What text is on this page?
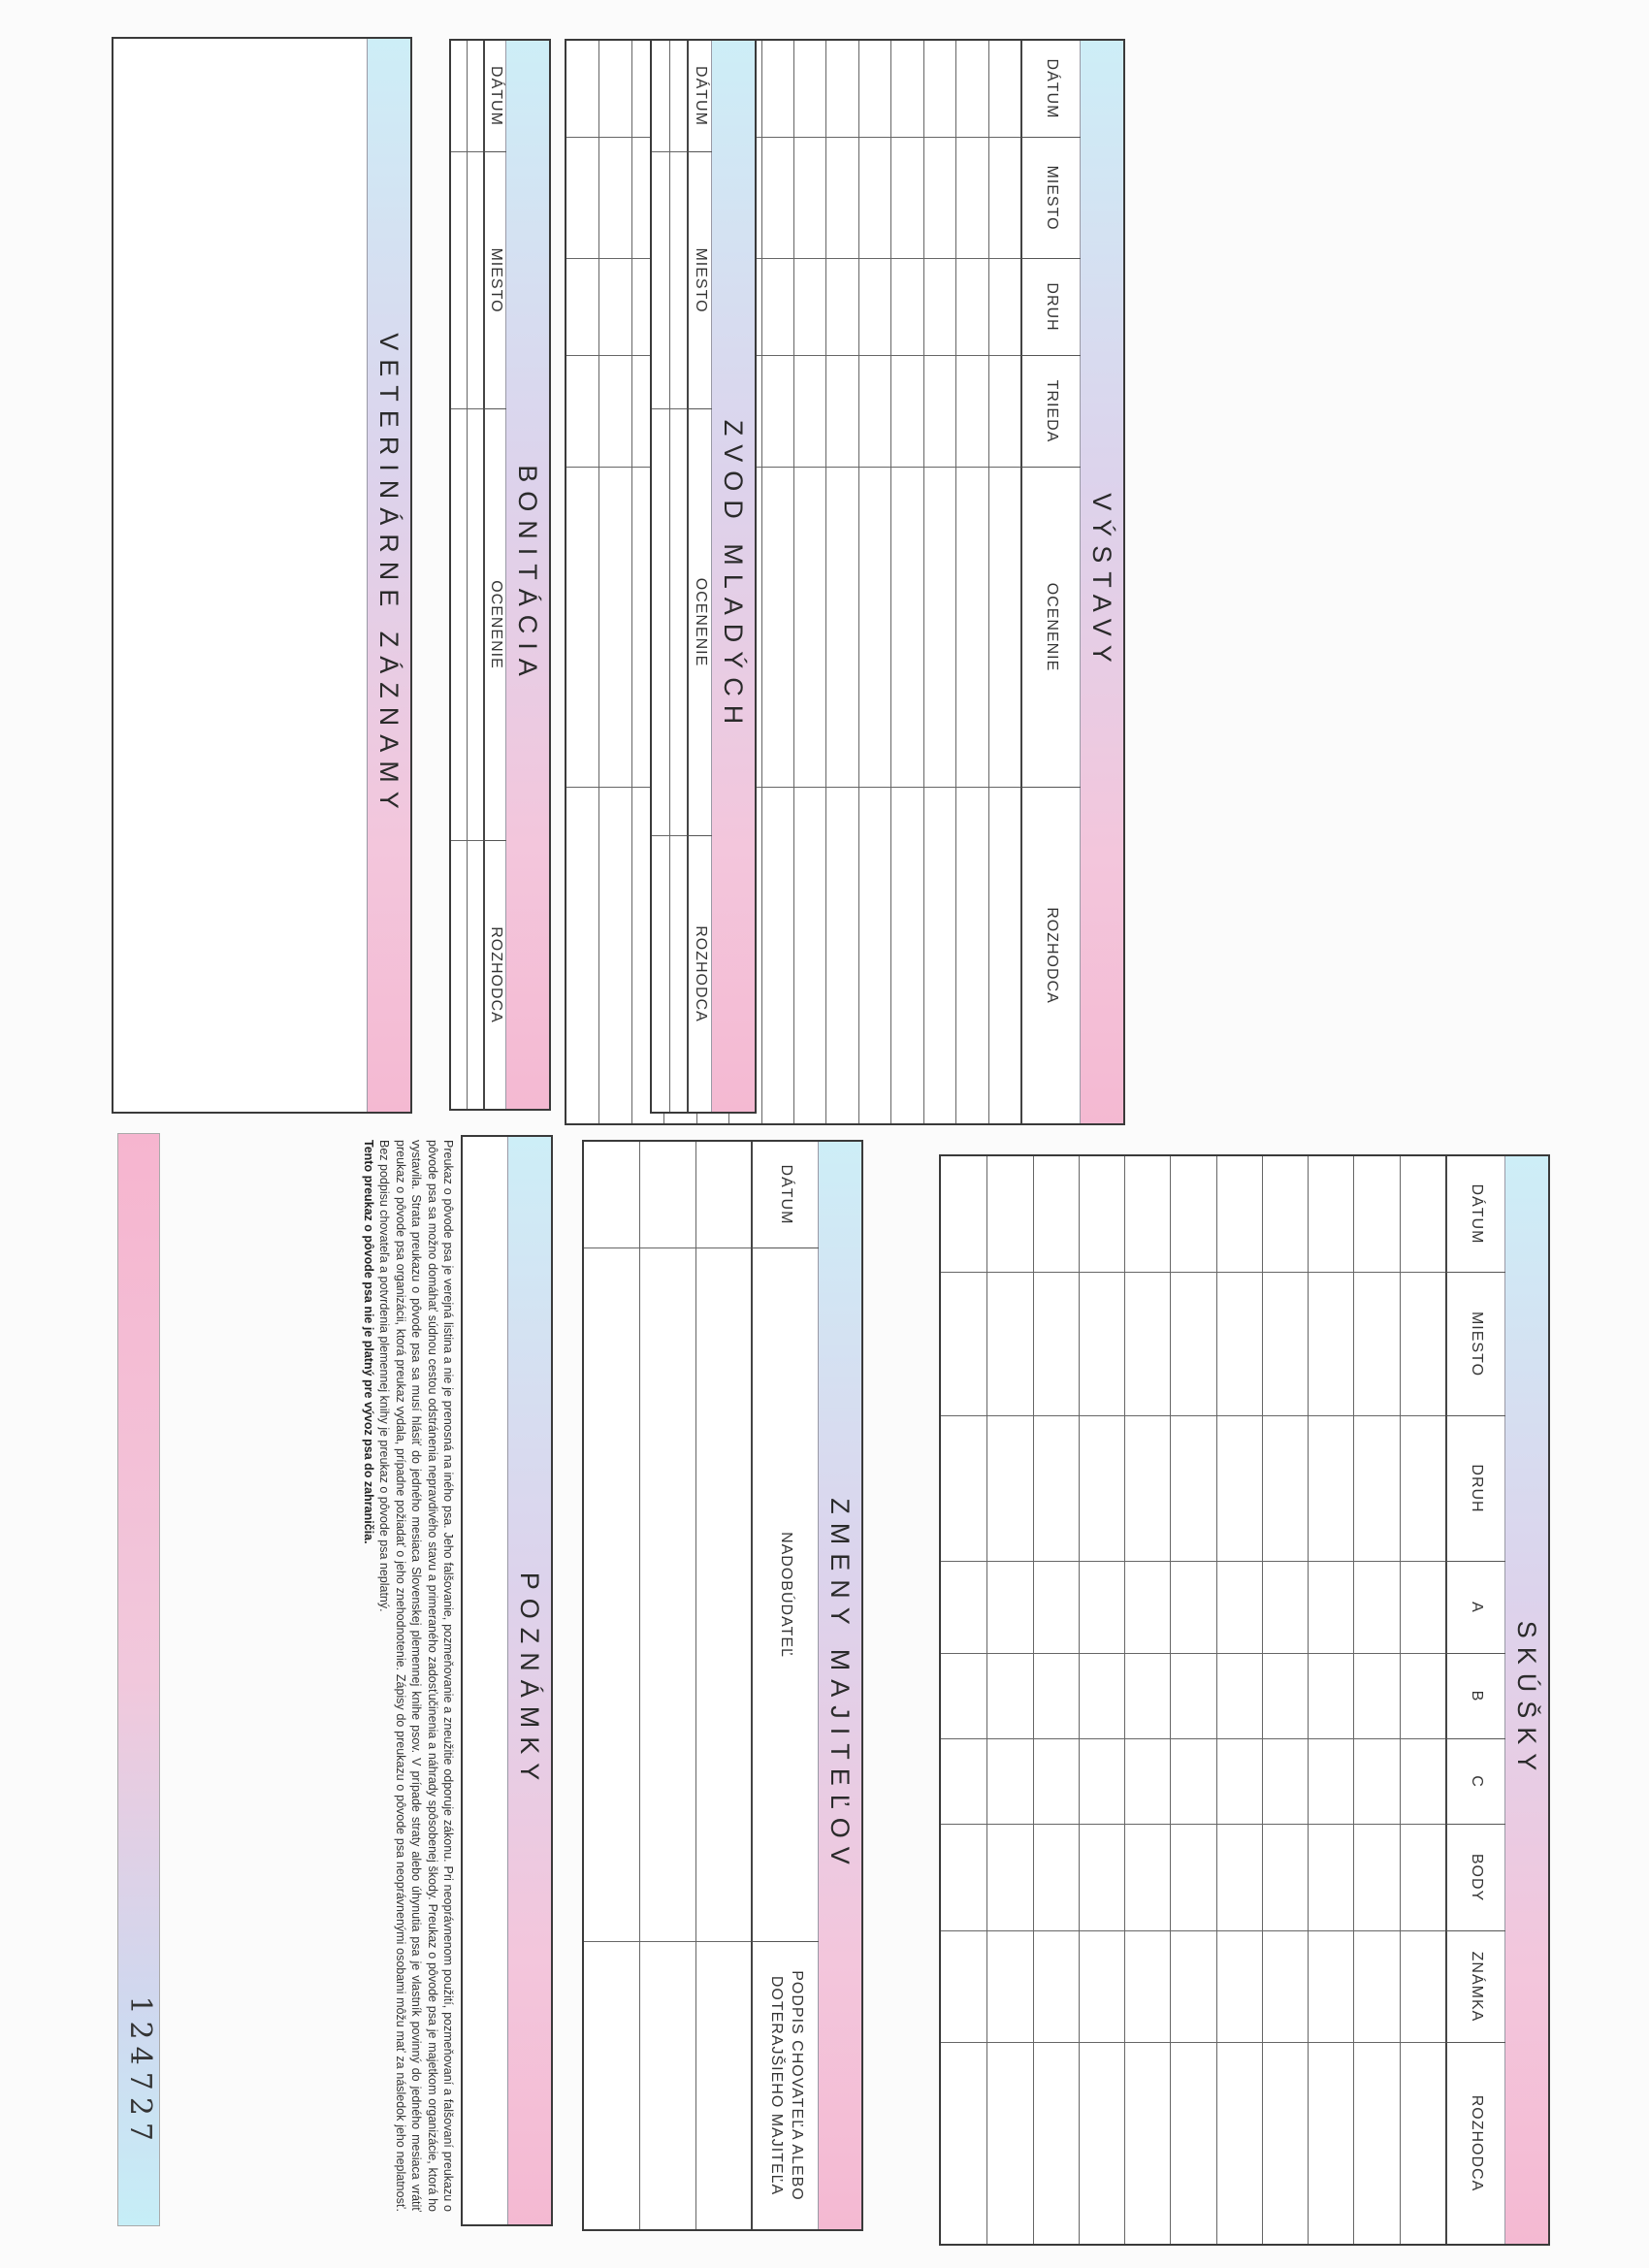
VÝSTAVY
DÁTUM
MIESTO
DRUH
TRIEDA
OCENENIE
ROZHODCA
ZVOD MLADÝCH
DÁTUM
MIESTO
OCENENIE
ROZHODCA
BONITÁCIA
DÁTUM
MIESTO
OCENENIE
ROZHODCA
VETERINÁRNE ZÁZNAMY
SKÚŠKY
DÁTUM
MIESTO
DRUH
A
B
C
BODY
ZNÁMKA
ROZHODCA
ZMENY MAJITEĽOV
DÁTUM
NADOBÚDATEĽ
PODPIS CHOVATEĽA ALEBO DOTERAJŠIEHO MAJITEĽA
POZNÁMKY
Preukaz o pôvode psa je verejná listina a nie je prenosná na iného psa. Jeho falšovanie, pozmeňovanie a zneužitie odporuje zákonu. Pri neoprávnenom použití, pozmeňovaní a falšovaní preukazu o pôvode psa sa možno domáhať súdnou cestou odstránenia nepravdivého stavu a primeraného zadosťučinenia a náhrady spôsobenej škody. Preukaz o pôvode psa je majetkom organizácie, ktorá ho vystavila. Strata preukazu o pôvode psa sa musí hlásiť do jedného mesiaca Slovenskej plemennej knihe psov. V prípade straty alebo úhynutia psa je vlastník povinný do jedného mesiaca vrátiť preukaz o pôvode psa organizácii, ktorá preukaz vydala, prípadne požiadať o jeho znehodnotenie. Zápisy do preukazu o pôvode psa neoprávnenými osobami môžu mať za následok jeho neplatnosť. Bez podpisu chovateľa a potvrdenia plemennej knihy je preukaz o pôvode psa neplatný.
Tento preukaz o pôvode psa nie je platný pre vývoz psa do zahraničia.
124727
